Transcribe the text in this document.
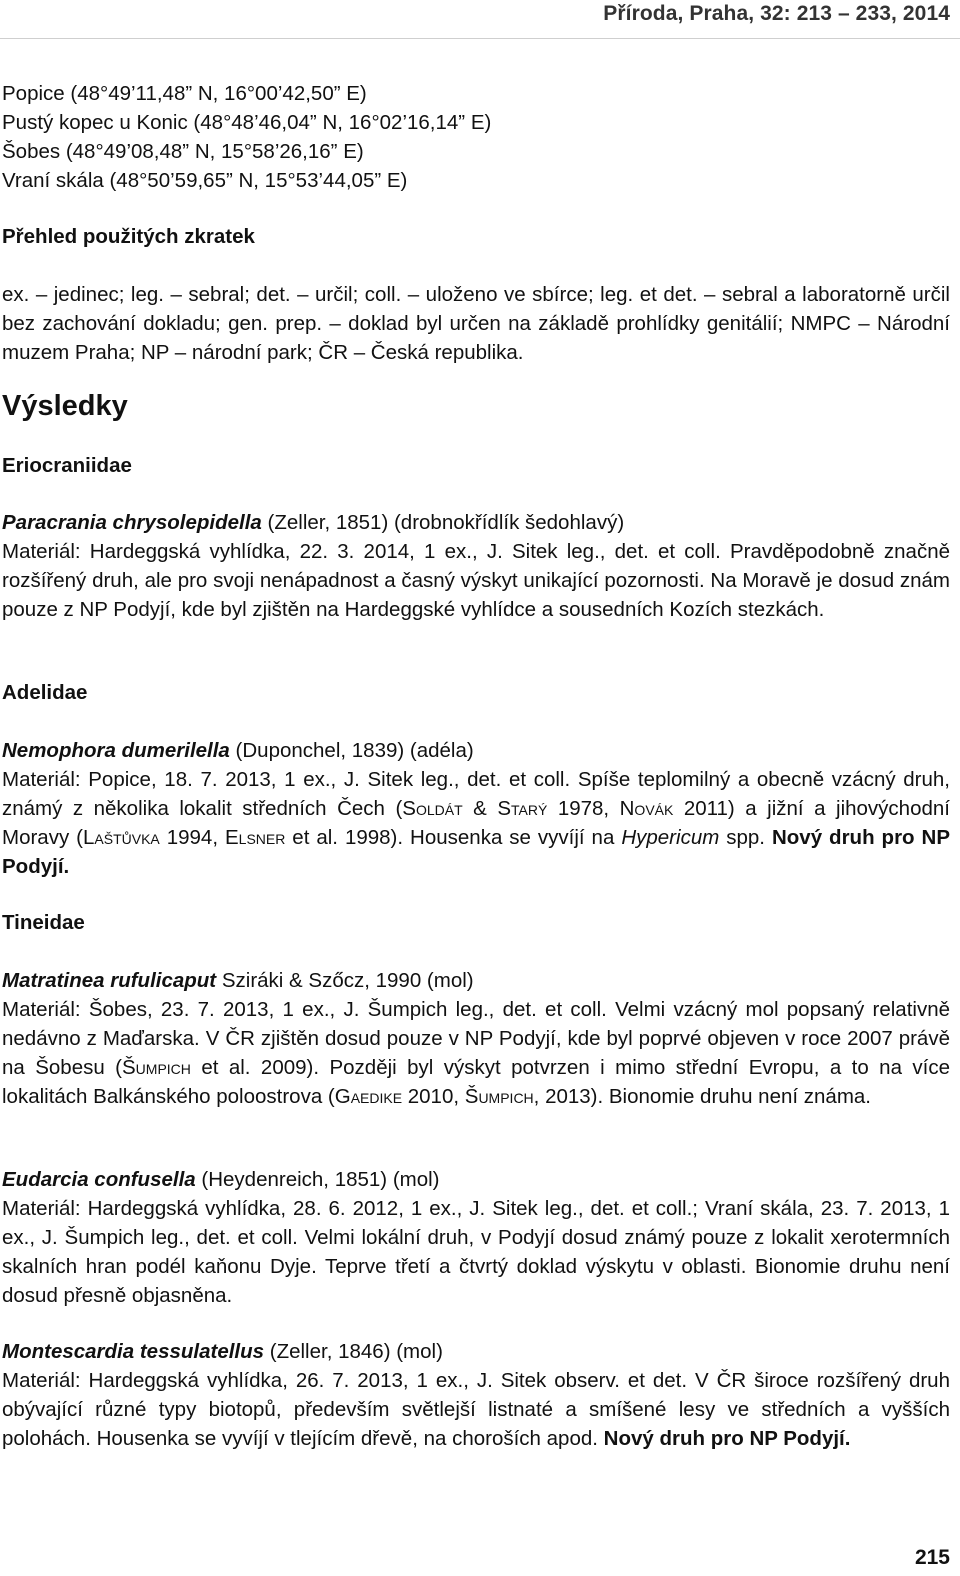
Příroda, Praha, 32: 213 – 233, 2014

Popice (48°49’11,48” N, 16°00’42,50” E)

Pustý kopec u Konic (48°48’46,04” N, 16°02’16,14” E)

Šobes (48°49’08,48” N, 15°58’26,16” E)

Vraní skála (48°50’59,65” N, 15°53’44,05” E)

Přehled použitých zkratek

ex. – jedinec; leg. – sebral; det. – určil; coll. – uloženo ve sbírce; leg. et det. – sebral a laboratorně určil bez zachování dokladu; gen. prep. – doklad byl určen na základě prohlídky genitálií; NMPC – Národní muzem Praha; NP – národní park; ČR – Česká republika.

Výsledky

Eriocraniidae

Paracrania chrysolepidella (Zeller, 1851) (drobnokřídlík šedohlavý)

Materiál: Hardeggská vyhlídka, 22. 3. 2014, 1 ex., J. Sitek leg., det. et coll. Pravděpodobně značně rozšířený druh, ale pro svoji nenápadnost a časný výskyt unikající pozornosti. Na Moravě je dosud znám pouze z NP Podyjí, kde byl zjištěn na Hardeggské vyhlídce a sousedních Kozích stezkách.

Adelidae

Nemophora dumerilella (Duponchel, 1839) (adéla)

Materiál: Popice, 18. 7. 2013, 1 ex., J. Sitek leg., det. et coll. Spíše teplomilný a obecně vzácný druh, známý z několika lokalit středních Čech (Soldát & Starý 1978, Novák 2011) a jižní a jihovýchodní Moravy (Laštůvka 1994, Elsner et al. 1998). Housenka se vyvíjí na Hypericum spp. Nový druh pro NP Podyjí.

Tineidae

Matratinea rufulicaput Sziráki & Szőcz, 1990 (mol)

Materiál: Šobes, 23. 7. 2013, 1 ex., J. Šumpich leg., det. et coll. Velmi vzácný mol popsaný relativně nedávno z Maďarska. V ČR zjištěn dosud pouze v NP Podyjí, kde byl poprvé objeven v roce 2007 právě na Šobesu (Šumpich et al. 2009). Později byl výskyt potvrzen i mimo střední Evropu, a to na více lokalitách Balkánského poloostrova (Gaedike 2010, Šumpich, 2013). Bionomie druhu není známa.

Eudarcia confusella (Heydenreich, 1851) (mol)

Materiál: Hardeggská vyhlídka, 28. 6. 2012, 1 ex., J. Sitek leg., det. et coll.; Vraní skála, 23. 7. 2013, 1 ex., J. Šumpich leg., det. et coll. Velmi lokální druh, v Podyjí dosud známý pouze z lokalit xerotermních skalních hran podél kaňonu Dyje. Teprve třetí a čtvrtý doklad výskytu v oblasti. Bionomie druhu není dosud přesně objasněna.

Montescardia tessulatellus (Zeller, 1846) (mol)

Materiál: Hardeggská vyhlídka, 26. 7. 2013, 1 ex., J. Sitek observ. et det. V ČR široce rozšířený druh obývající různé typy biotopů, především světlejší listnaté a smíšené lesy ve středních a vyšších polohách. Housenka se vyvíjí v tlejícím dřevě, na choroších apod. Nový druh pro NP Podyjí.

215
